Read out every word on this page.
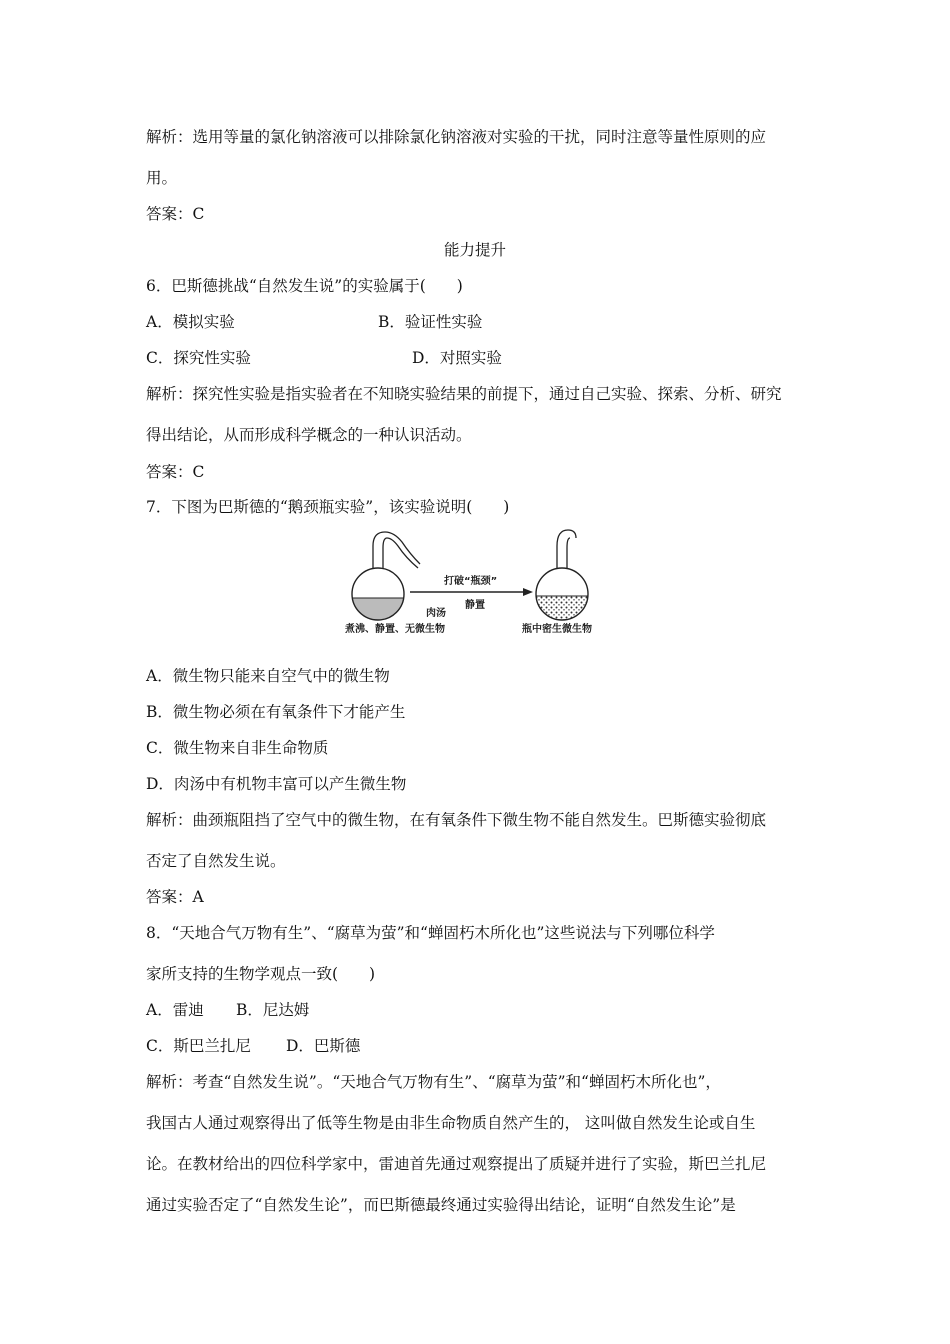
解析：选用等量的氯化钠溶液可以排除氯化钠溶液对实验的干扰，同时注意等量性原则的应
用。
答案：C
能力提升
6．巴斯德挑战“自然发生说”的实验属于(　　)
A．模拟实验	B．验证性实验
C．探究性实验	D．对照实验
解析：探究性实验是指实验者在不知晓实验结果的前提下，通过自己实验、探索、分析、研究
得出结论，从而形成科学概念的一种认识活动。
答案：C
7．下图为巴斯德的“鹅颈瓶实验”，该实验说明(　　)
肉汤
煮沸、静置、无微生物
打破“瓶颈”
静置
瓶中密生微生物
A．微生物只能来自空气中的微生物
B．微生物必须在有氧条件下才能产生
C．微生物来自非生命物质
D．肉汤中有机物丰富可以产生微生物
解析：曲颈瓶阻挡了空气中的微生物，在有氧条件下微生物不能自然发生。巴斯德实验彻底
否定了自然发生说。
答案：A
8．“天地合气万物有生”、“腐草为萤”和“蝉固朽木所化也”这些说法与下列哪位科学
家所支持的生物学观点一致(　　)
A．雷迪 B．尼达姆
C．斯巴兰扎尼 D．巴斯德
解析：考查“自然发生说”。“天地合气万物有生”、“腐草为萤”和“蝉固朽木所化也”，
我国古人通过观察得出了低等生物是由非生命物质自然产生的， 这叫做自然发生论或自生
论。在教材给出的四位科学家中，雷迪首先通过观察提出了质疑并进行了实验，斯巴兰扎尼
通过实验否定了“自然发生论”，而巴斯德最终通过实验得出结论，证明“自然发生论”是
